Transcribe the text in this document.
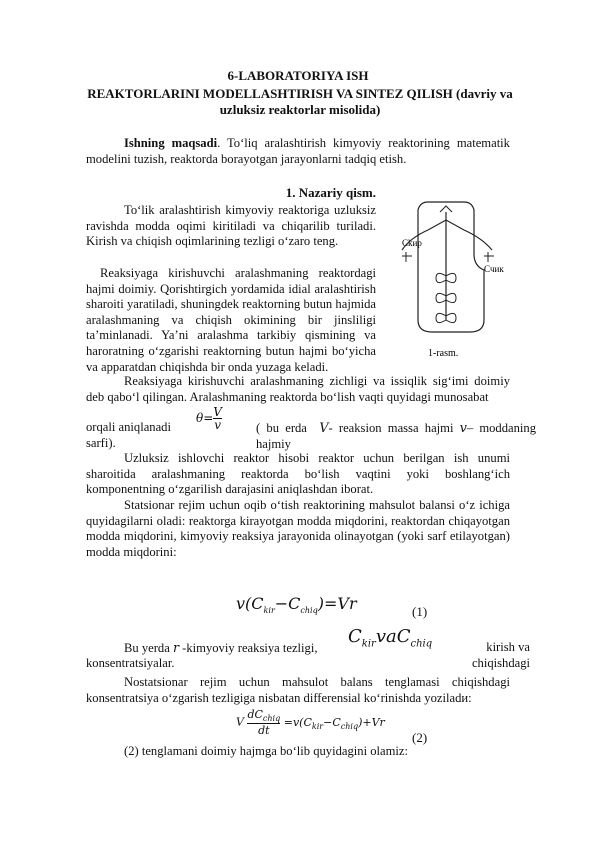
6-LABORATORIYA ISH
REAKTORLARINI MODELLASHTIRISH VA SINTEZ QILISH (davriy va
uzluksiz reaktorlar misolida)
Ishning maqsadi. To‘liq aralashtirish kimyoviy reaktorining matematik modelini tuzish, reaktorda borayotgan jarayonlarni tadqiq etish.
1. Nazariy qism.
To‘lik aralashtirish kimyoviy reaktoriga uzluksiz ravishda modda oqimi kiritiladi va chiqarilib turiladi. Kirish va chiqish oqimlarining tezligi o‘zaro teng.
Reaksiyaga kirishuvchi aralashmaning reaktordagi hajmi doimiy. Qorishtirgich yordamida idial aralashtirish sharoiti yaratiladi, shuningdek reaktorning butun hajmida aralashmaning va chiqish okimining bir jinsliligi ta’minlanadi. Ya’ni aralashma tarkibiy qismining va haroratning o‘zgarishi reaktorning butun hajmi bo‘yicha va apparatdan chiqishda bir onda yuzaga keladi.
Ckир
Cчик
1-rasm.
Reaksiyaga kirishuvchi aralashmaning zichligi va issiqlik sig‘imi doimiy deb qabo‘l qilingan. Aralashmaning reaktorda bo‘lish vaqti quyidagi munosabat
orqali aniqlanadi
$\theta= \frac{V}{v}$	( bu erda V- reaksion massa hajmi v– moddaning hajmiy
sarfi).
Uzluksiz ishlovchi reaktor hisobi reaktor uchun berilgan ish unumi sharoitida aralashmaning reaktorda bo‘lish vaqtini yoki boshlang‘ich komponentning o‘zgarilish darajasini aniqlashdan iborat.
Statsionar rejim uchun oqib o‘tish reaktorining mahsulot balansi o‘z ichiga quyidagilarni oladi: reaktorga kirayotgan modda miqdorini, reaktordan chiqayotgan modda miqdorini, kimyoviy reaksiya jarayonida olinayotgan (yoki sarf etilayotgan) modda miqdorini:
$v(C_{kir}-C_{chiq})=Vr$	(1)
Bu yerda r -kimyoviy reaksiya tezligi,
$C_{kir}vaC_{chiq}$	kirish va chiqishdagi
konsentratsiyalar.
Nostatsionar rejim uchun mahsulot balans tenglamasi chiqishdagi konsentratsiya o‘zgarish tezligiga nisbatan differensial ko‘rinishda yoziladи:
V
$dC_{chiq}$
dt
$=v(C_{kir}-C_{chiq})+Vr$
(2)
(2) tenglamani doimiy hajmga bo‘lib quyidagini olamiz:
